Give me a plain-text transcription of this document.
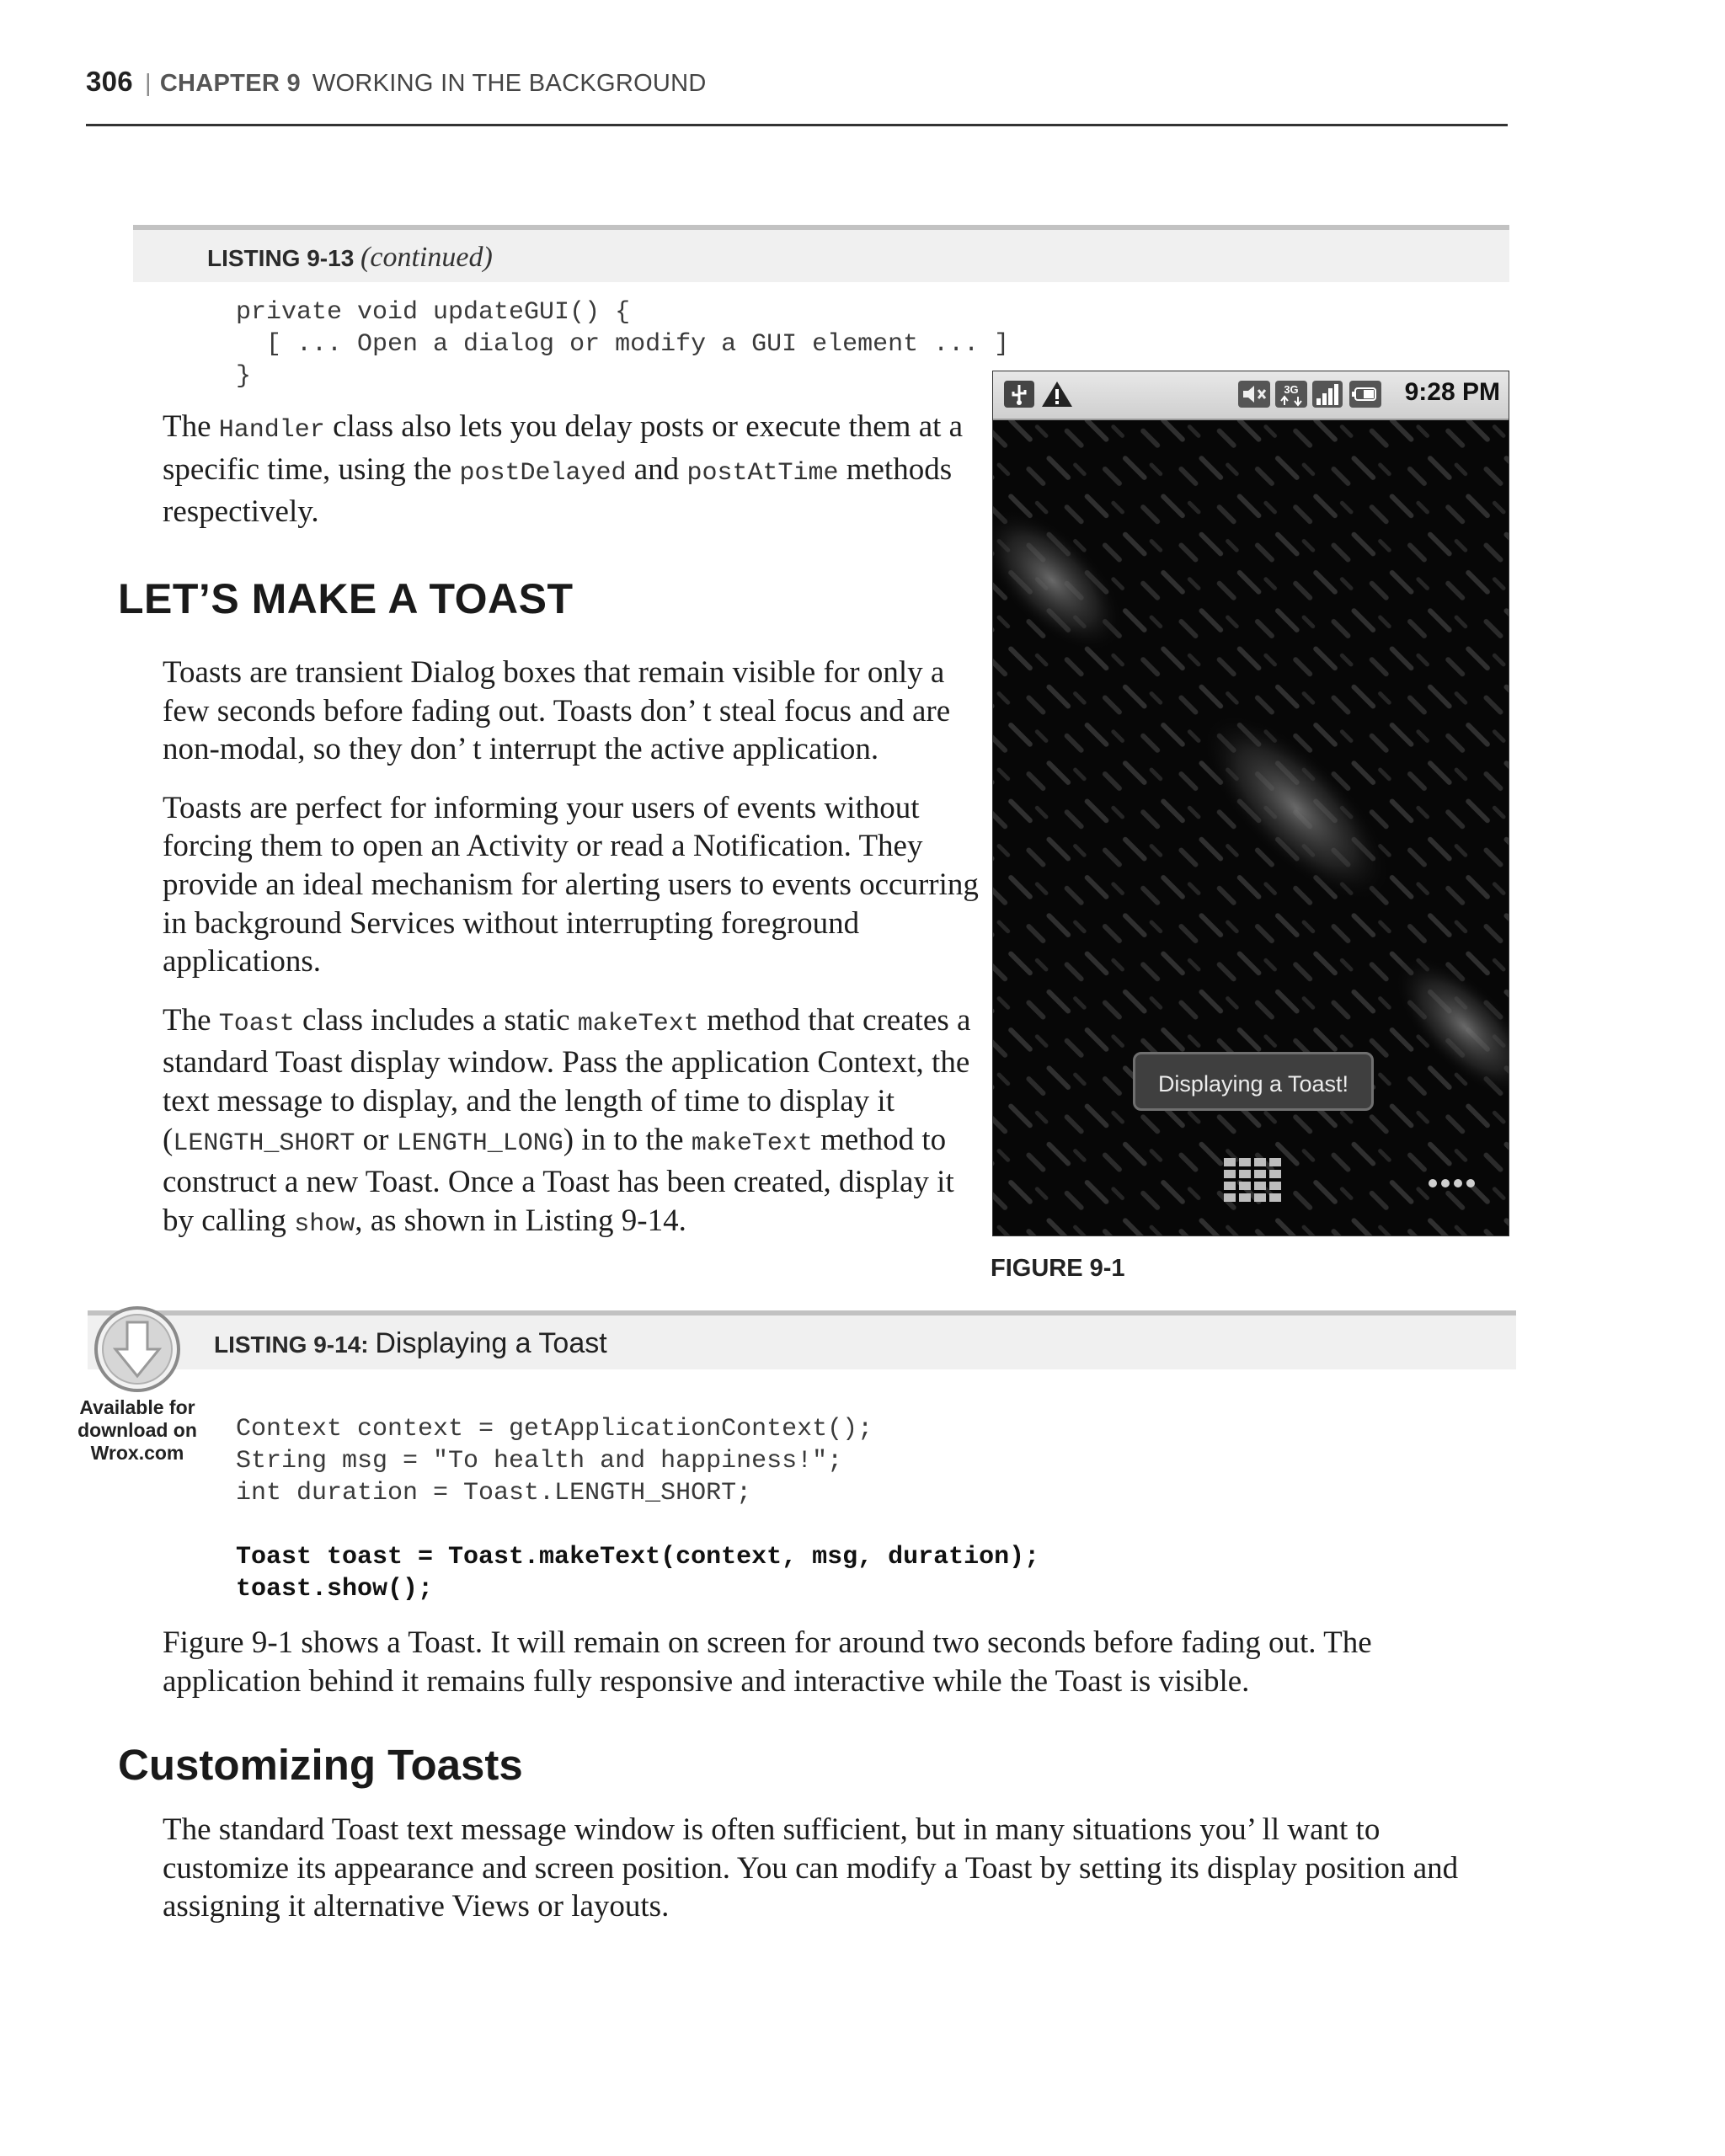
306 | CHAPTER 9 WORKING IN THE BACKGROUND
LISTING 9-13 (continued)
private void updateGUI() {
[ ... Open a dialog or modify a GUI element ... ]
}

The Handler class also lets you delay posts or execute them at a specific time, using the postDelayed and postAtTime methods respectively.

LET’S MAKE A TOAST

Toasts are transient Dialog boxes that remain visible for only a few seconds before fading out. Toasts don’ t steal focus and are non-modal, so they don’ t interrupt the active application.

Toasts are perfect for informing your users of events without forcing them to open an Activity or read a Notification. They provide an ideal mechanism for alerting users to events occurring in background Services without interrupting foreground applications.

The Toast class includes a static makeText method that creates a standard Toast display window. Pass the application Context, the text message to display, and the length of time to display it (LENGTH_SHORT or LENGTH_LONG) in to the makeText method to construct a new Toast. Once a Toast has been created, display it by calling show, as shown in Listing 9-14.

3G	9:28 PM
Displaying a Toast!
FIGURE 9-1
LISTING 9-14: Displaying a Toast
Available for
download on
Wrox.com
Context context = getApplicationContext();
String msg = "To health and happiness!";
int duration = Toast.LENGTH_SHORT;

Toast toast = Toast.makeText(context, msg, duration);
toast.show();

Figure 9-1 shows a Toast. It will remain on screen for around two seconds before fading out. The application behind it remains fully responsive and interactive while the Toast is visible.

Customizing Toasts

The standard Toast text message window is often sufficient, but in many situations you’ ll want to customize its appearance and screen position. You can modify a Toast by setting its display position and assigning it alternative Views or layouts.
